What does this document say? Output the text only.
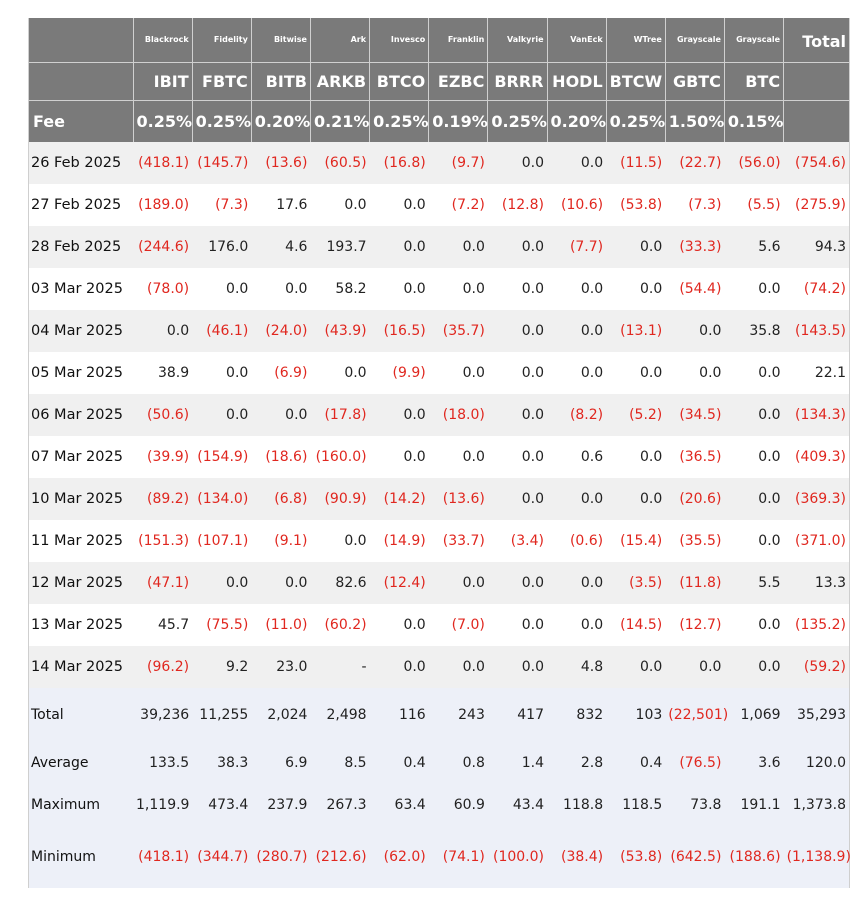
	Blackrock	Fidelity	Bitwise	Ark	Invesco	Franklin	Valkyrie	VanEck	WTree	Grayscale	Grayscale	Total
	IBIT	FBTC	BITB	ARKB	BTCO	EZBC	BRRR	HODL	BTCW	GBTC	BTC	
Fee	0.25%	0.25%	0.20%	0.21%	0.25%	0.19%	0.25%	0.20%	0.25%	1.50%	0.15%	
26 Feb 2025	(418.1)	(145.7)	(13.6)	(60.5)	(16.8)	(9.7)	0.0	0.0	(11.5)	(22.7)	(56.0)	(754.6)
27 Feb 2025	(189.0)	(7.3)	17.6	0.0	0.0	(7.2)	(12.8)	(10.6)	(53.8)	(7.3)	(5.5)	(275.9)
28 Feb 2025	(244.6)	176.0	4.6	193.7	0.0	0.0	0.0	(7.7)	0.0	(33.3)	5.6	94.3
03 Mar 2025	(78.0)	0.0	0.0	58.2	0.0	0.0	0.0	0.0	0.0	(54.4)	0.0	(74.2)
04 Mar 2025	0.0	(46.1)	(24.0)	(43.9)	(16.5)	(35.7)	0.0	0.0	(13.1)	0.0	35.8	(143.5)
05 Mar 2025	38.9	0.0	(6.9)	0.0	(9.9)	0.0	0.0	0.0	0.0	0.0	0.0	22.1
06 Mar 2025	(50.6)	0.0	0.0	(17.8)	0.0	(18.0)	0.0	(8.2)	(5.2)	(34.5)	0.0	(134.3)
07 Mar 2025	(39.9)	(154.9)	(18.6)	(160.0)	0.0	0.0	0.0	0.6	0.0	(36.5)	0.0	(409.3)
10 Mar 2025	(89.2)	(134.0)	(6.8)	(90.9)	(14.2)	(13.6)	0.0	0.0	0.0	(20.6)	0.0	(369.3)
11 Mar 2025	(151.3)	(107.1)	(9.1)	0.0	(14.9)	(33.7)	(3.4)	(0.6)	(15.4)	(35.5)	0.0	(371.0)
12 Mar 2025	(47.1)	0.0	0.0	82.6	(12.4)	0.0	0.0	0.0	(3.5)	(11.8)	5.5	13.3
13 Mar 2025	45.7	(75.5)	(11.0)	(60.2)	0.0	(7.0)	0.0	0.0	(14.5)	(12.7)	0.0	(135.2)
14 Mar 2025	(96.2)	9.2	23.0	-	0.0	0.0	0.0	4.8	0.0	0.0	0.0	(59.2)
Total	39,236	11,255	2,024	2,498	116	243	417	832	103	(22,501)	1,069	35,293
Average	133.5	38.3	6.9	8.5	0.4	0.8	1.4	2.8	0.4	(76.5)	3.6	120.0
Maximum	1,119.9	473.4	237.9	267.3	63.4	60.9	43.4	118.8	118.5	73.8	191.1	1,373.8
Minimum	(418.1)	(344.7)	(280.7)	(212.6)	(62.0)	(74.1)	(100.0)	(38.4)	(53.8)	(642.5)	(188.6)	(1,138.9)
